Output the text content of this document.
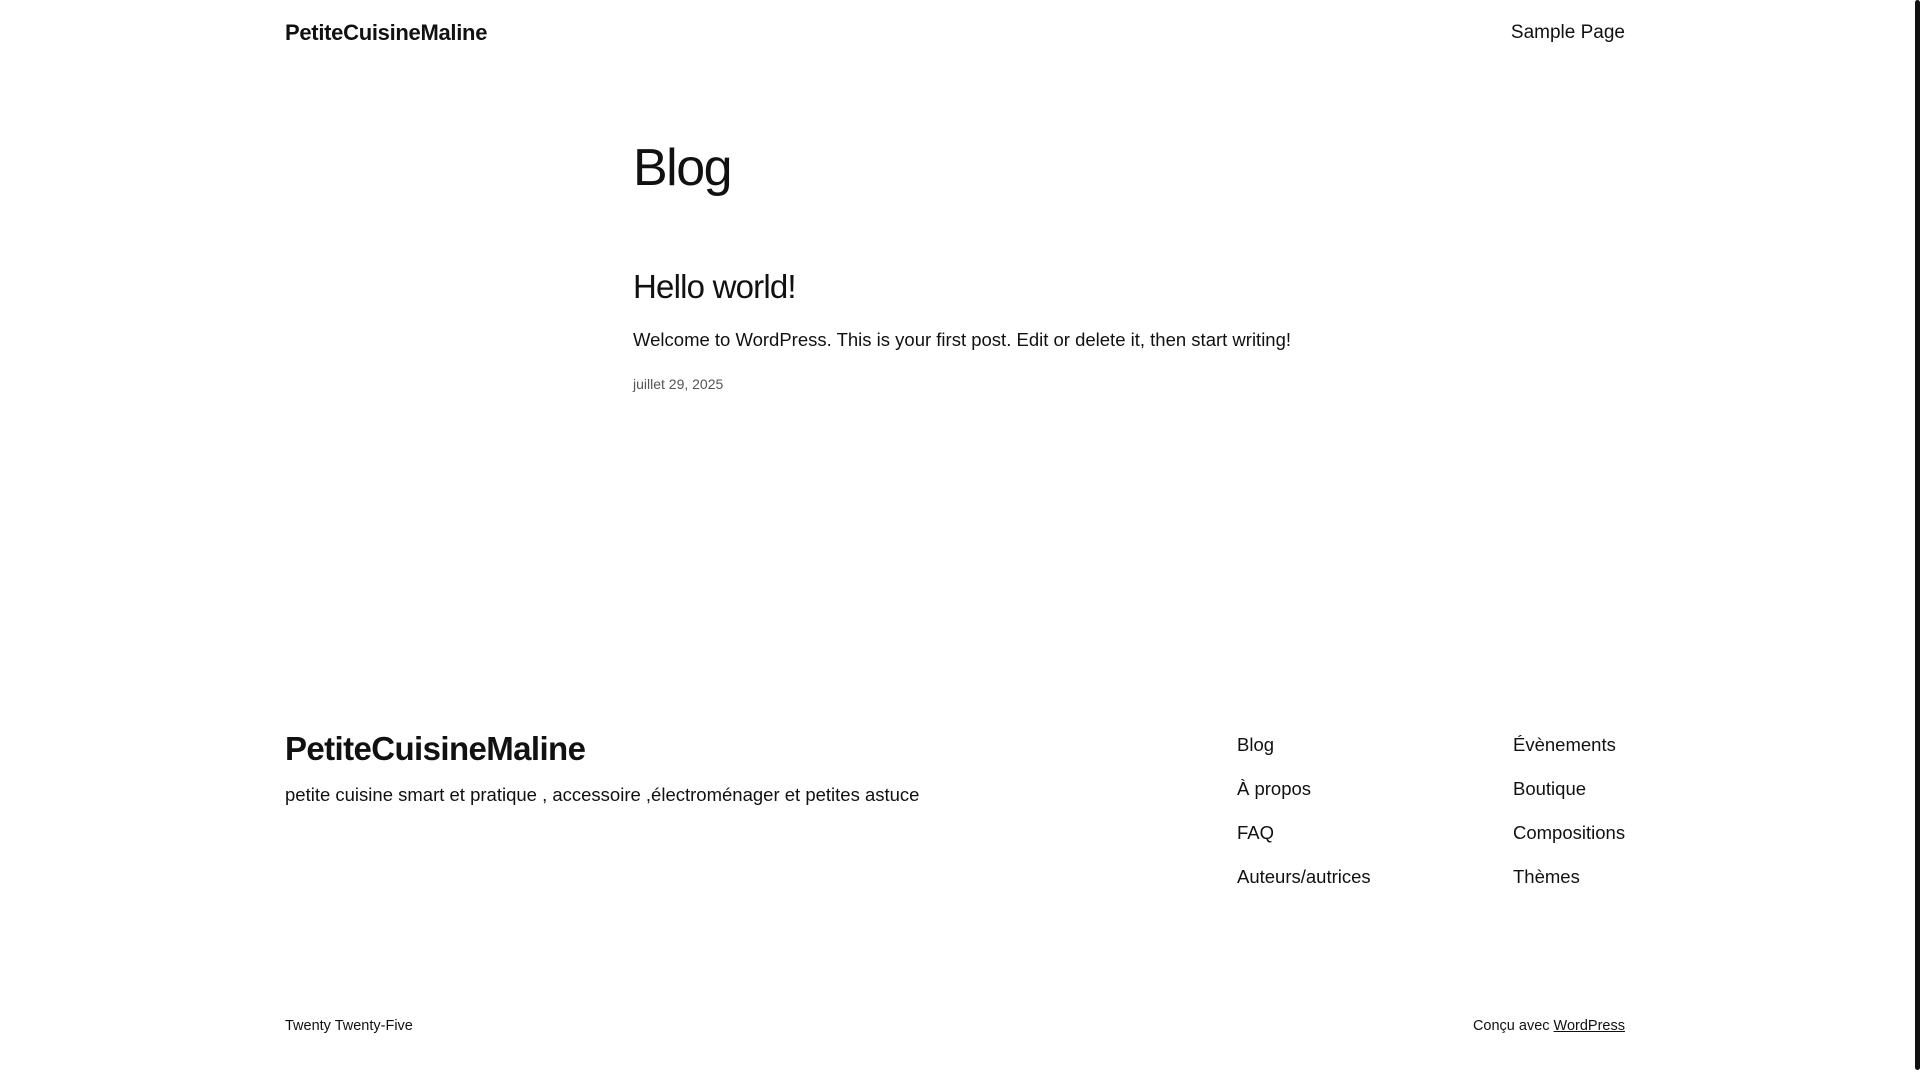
PetiteCuisineMaline	Sample Page
Blog
Hello world!
Welcome to WordPress. This is your first post. Edit or delete it, then start writing!
juillet 29, 2025
PetiteCuisineMaline
petite cuisine smart et pratique , accessoire ,électroménager et petites astuce
Blog
À propos
FAQ
Auteurs/autrices
Évènements
Boutique
Compositions
Thèmes
Twenty Twenty-Five	Conçu avec WordPress
